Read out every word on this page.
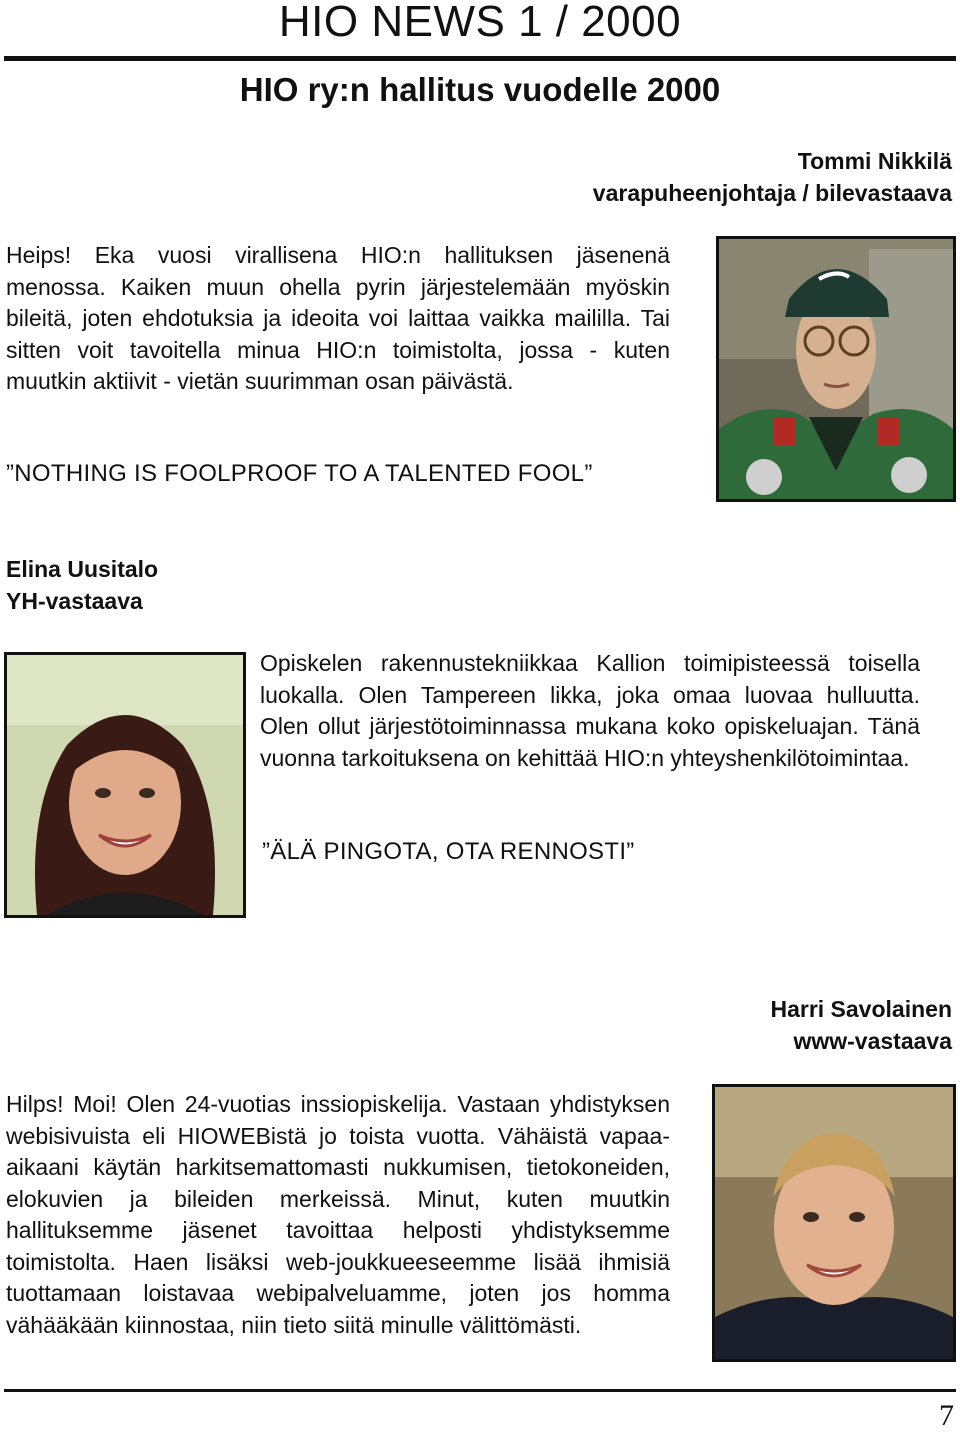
HIO NEWS 1 / 2000
HIO ry:n hallitus vuodelle 2000
Tommi Nikkilä
varapuheenjohtaja / bilevastaava
Heips! Eka vuosi virallisena HIO:n hallituksen jäsenenä menossa. Kaiken muun ohella pyrin järjestelemään myöskin bileitä, joten ehdotuksia ja ideoita voi laittaa vaikka maililla. Tai sitten voit tavoitella minua HIO:n toimistolta, jossa - kuten muutkin aktiivit - vietän suurimman osan päivästä.
”NOTHING IS FOOLPROOF TO A TALENTED FOOL”
Elina Uusitalo
YH-vastaava
Opiskelen rakennustekniikkaa Kallion toimipisteessä toisella luokalla. Olen Tampereen likka, joka omaa luovaa hulluutta. Olen ollut järjestötoiminnassa mukana koko opiskeluajan. Tänä vuonna tarkoituksena on kehittää HIO:n yhteyshenkilötoimintaa.
”ÄLÄ PINGOTA, OTA RENNOSTI”
Harri Savolainen
www-vastaava
Hilps! Moi! Olen 24-vuotias inssiopiskelija. Vastaan yhdistyksen webisivuista eli HIOWEBistä jo toista vuotta. Vähäistä vapaa-aikaani käytän harkitsemattomasti nukkumisen, tietokoneiden, elokuvien ja bileiden merkeissä. Minut, kuten muutkin hallituksemme jäsenet tavoittaa helposti yhdistyksemme toimistolta. Haen lisäksi web-joukkueeseemme lisää ihmisiä tuottamaan loistavaa webipalveluamme, joten jos homma vähääkään kiinnostaa, niin tieto siitä minulle välittömästi.
7
